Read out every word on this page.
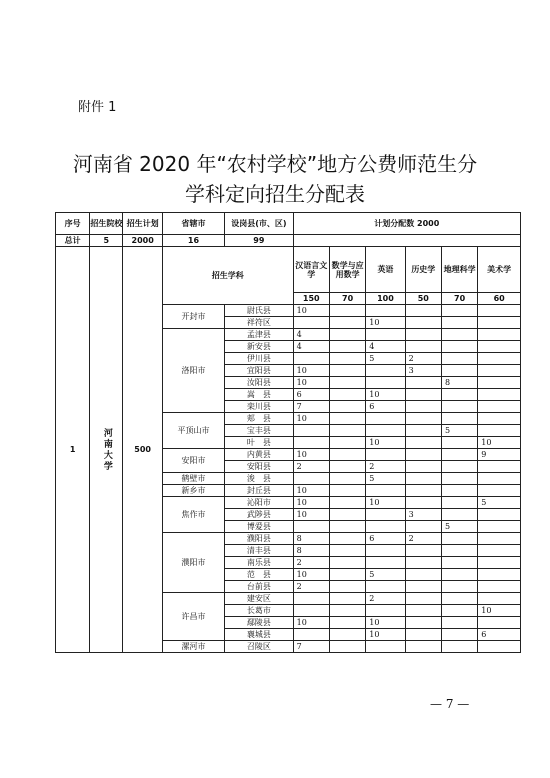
附件 1
河南省 2020 年“农村学校”地方公费师范生分
学科定向招生分配表
序号	招生院校	招生计划	省辖市	设岗县(市、区)	计划分配数 2000					
总计	5	2000	16	99						
1	河南大学	500	招生学科		汉语言文学	数学与应用数学	英语	历史学	地理科学	美术学
					150	70	100	50	70	60
			开封市	尉氏县	10					
				祥符区			10			
			洛阳市	孟津县	4					
				新安县	4		4			
				伊川县			5	2		
				宜阳县	10			3		
				汝阳县	10				8	
				嵩　县	6		10			
				栾川县	7		6			
			平顶山市	郏　县	10					
				宝丰县					5	
				叶　县			10			10
			安阳市	内黄县	10					9
				安阳县	2		2			
			鹤壁市	浚　县			5			
			新乡市	封丘县	10					
			焦作市	沁阳市	10		10			5
				武陟县	10			3		
				博爱县					5	
			濮阳市	濮阳县	8		6	2		
				清丰县	8					
				南乐县	2					
				范　县	10		5			
				台前县	2					
			许昌市	建安区			2			
				长葛市						10
				鄢陵县	10		10			
				襄城县			10			6
			漯河市	召陵区	7					
— 7 —
